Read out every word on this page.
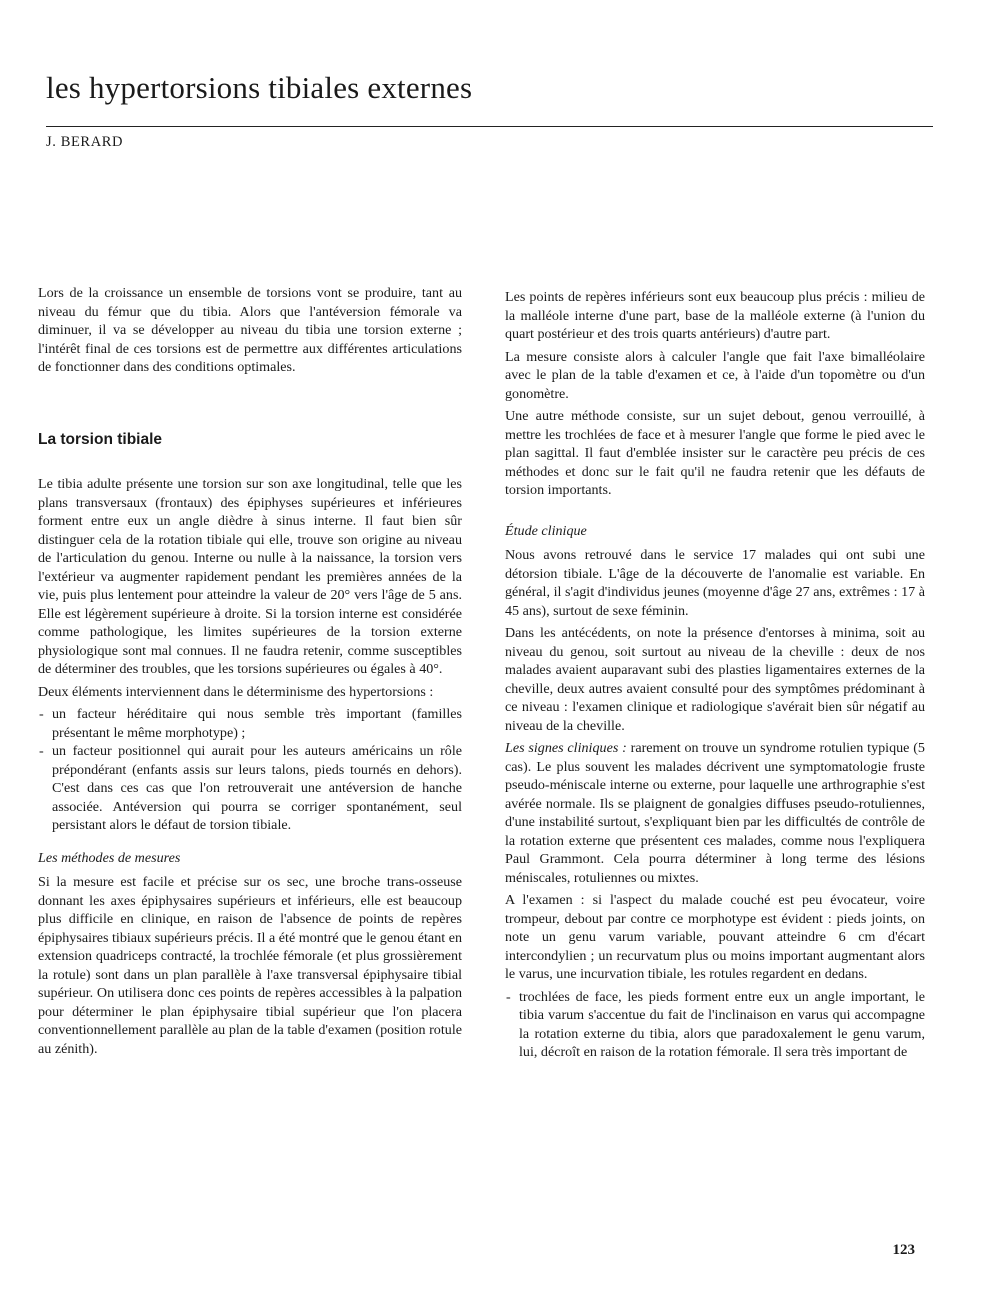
les hypertorsions tibiales externes
J. BERARD

Lors de la croissance un ensemble de torsions vont se produire, tant au niveau du fémur que du tibia. Alors que l'antéversion fémorale va diminuer, il va se développer au niveau du tibia une torsion externe ; l'intérêt final de ces torsions est de permettre aux différentes articulations de fonctionner dans des conditions optimales.

La torsion tibiale

Le tibia adulte présente une torsion sur son axe longitudinal, telle que les plans transversaux (frontaux) des épiphyses supérieures et inférieures forment entre eux un angle dièdre à sinus interne. Il faut bien sûr distinguer cela de la rotation tibiale qui elle, trouve son origine au niveau de l'articulation du genou. Interne ou nulle à la naissance, la torsion vers l'extérieur va augmenter rapidement pendant les premières années de la vie, puis plus lentement pour atteindre la valeur de 20° vers l'âge de 5 ans. Elle est légèrement supérieure à droite. Si la torsion interne est considérée comme pathologique, les limites supérieures de la torsion externe physiologique sont mal connues. Il ne faudra retenir, comme susceptibles de déterminer des troubles, que les torsions supérieures ou égales à 40°.

Deux éléments interviennent dans le déterminisme des hypertorsions :

- un facteur héréditaire qui nous semble très important (familles présentant le même morphotype) ;
- un facteur positionnel qui aurait pour les auteurs américains un rôle prépondérant (enfants assis sur leurs talons, pieds tournés en dehors). C'est dans ces cas que l'on retrouverait une antéversion de hanche associée. Antéversion qui pourra se corriger spontanément, seul persistant alors le défaut de torsion tibiale.
Les méthodes de mesures

Si la mesure est facile et précise sur os sec, une broche trans-osseuse donnant les axes épiphysaires supérieurs et inférieurs, elle est beaucoup plus difficile en clinique, en raison de l'absence de points de repères épiphysaires tibiaux supérieurs précis. Il a été montré que le genou étant en extension quadriceps contracté, la trochlée fémorale (et plus grossièrement la rotule) sont dans un plan parallèle à l'axe transversal épiphysaire tibial supérieur. On utilisera donc ces points de repères accessibles à la palpation pour déterminer le plan épiphysaire tibial supérieur que l'on placera conventionnellement parallèle au plan de la table d'examen (position rotule au zénith).

Les points de repères inférieurs sont eux beaucoup plus précis : milieu de la malléole interne d'une part, base de la malléole externe (à l'union du quart postérieur et des trois quarts antérieurs) d'autre part.

La mesure consiste alors à calculer l'angle que fait l'axe bimalléolaire avec le plan de la table d'examen et ce, à l'aide d'un topomètre ou d'un gonomètre.

Une autre méthode consiste, sur un sujet debout, genou verrouillé, à mettre les trochlées de face et à mesurer l'angle que forme le pied avec le plan sagittal. Il faut d'emblée insister sur le caractère peu précis de ces méthodes et donc sur le fait qu'il ne faudra retenir que les défauts de torsion importants.

Étude clinique

Nous avons retrouvé dans le service 17 malades qui ont subi une détorsion tibiale. L'âge de la découverte de l'anomalie est variable. En général, il s'agit d'individus jeunes (moyenne d'âge 27 ans, extrêmes : 17 à 45 ans), surtout de sexe féminin.

Dans les antécédents, on note la présence d'entorses à minima, soit au niveau du genou, soit surtout au niveau de la cheville : deux de nos malades avaient auparavant subi des plasties ligamentaires externes de la cheville, deux autres avaient consulté pour des symptômes prédominant à ce niveau : l'examen clinique et radiologique s'avérait bien sûr négatif au niveau de la cheville.

Les signes cliniques : rarement on trouve un syndrome rotulien typique (5 cas). Le plus souvent les malades décrivent une symptomatologie fruste pseudo-méniscale interne ou externe, pour laquelle une arthrographie s'est avérée normale. Ils se plaignent de gonalgies diffuses pseudo-rotuliennes, d'une instabilité surtout, s'expliquant bien par les difficultés de contrôle de la rotation externe que présentent ces malades, comme nous l'expliquera Paul Grammont. Cela pourra déterminer à long terme des lésions méniscales, rotuliennes ou mixtes.

A l'examen : si l'aspect du malade couché est peu évocateur, voire trompeur, debout par contre ce morphotype est évident : pieds joints, on note un genu varum variable, pouvant atteindre 6 cm d'écart intercondylien ; un recurvatum plus ou moins important augmentant alors le varus, une incurvation tibiale, les rotules regardent en dedans.

- trochlées de face, les pieds forment entre eux un angle important, le tibia varum s'accentue du fait de l'inclinaison en varus qui accompagne la rotation externe du tibia, alors que paradoxalement le genu varum, lui, décroît en raison de la rotation fémorale. Il sera très important de
123
